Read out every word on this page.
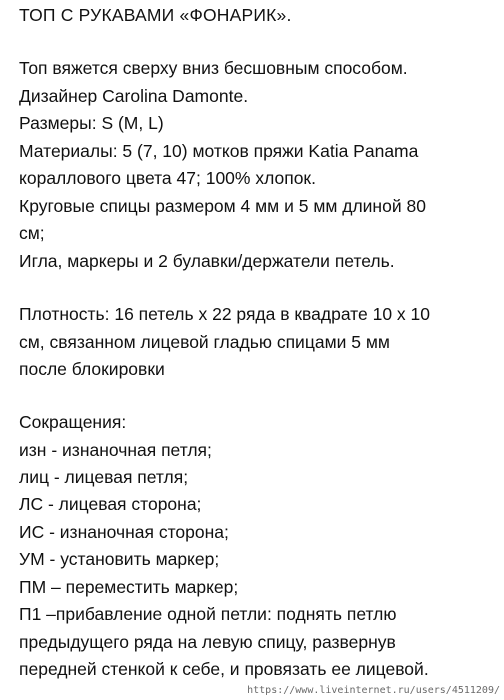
ТОП С РУКАВАМИ «ФОНАРИК».

Топ вяжется сверху вниз бесшовным способом.

Дизайнер Carolina Damonte.

Размеры: S (M, L)

Материалы: 5 (7, 10) мотков пряжи Katia Panama

кораллового цвета 47; 100% хлопок.

Круговые спицы размером 4 мм и 5 мм длиной 80

см;

Игла, маркеры и 2 булавки/держатели петель.

Плотность: 16 петель х 22 ряда в квадрате 10 х 10

см, связанном лицевой гладью спицами 5 мм

после блокировки

Сокращения:

изн - изнаночная петля;

лиц - лицевая петля;

ЛС - лицевая сторона;

ИС - изнаночная сторона;

УМ - установить маркер;

ПМ – переместить маркер;

П1 –прибавление одной петли: поднять петлю

предыдущего ряда на левую спицу, развернув

передней стенкой к себе, и провязать ее лицевой.

https://www.liveinternet.ru/users/4511209/
